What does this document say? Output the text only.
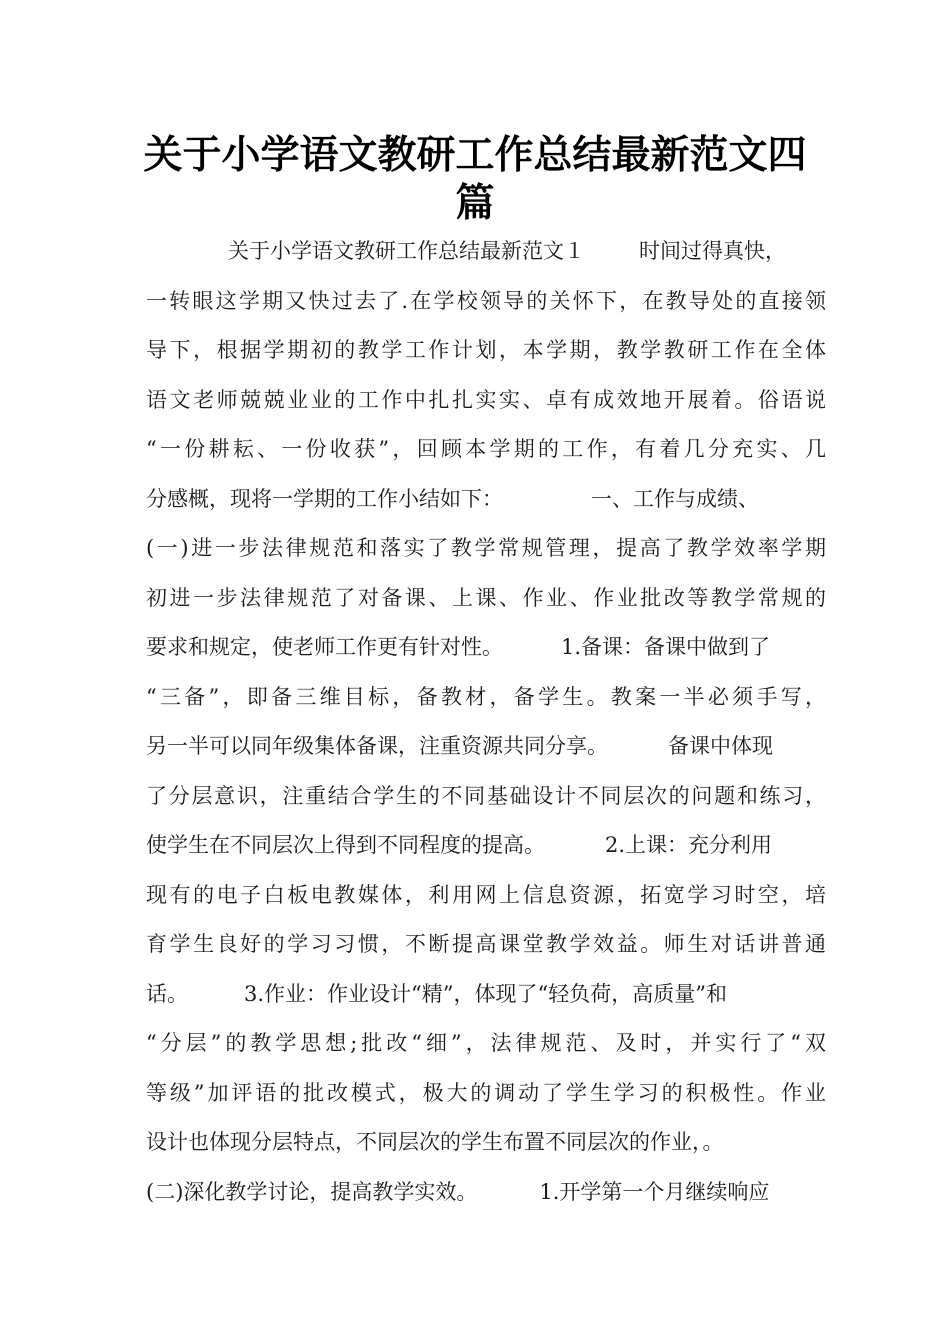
关于小学语文教研工作总结最新范文四
篇
关于小学语文教研工作总结最新范文１	时间过得真快，
一转眼这学期又快过去了.在学校领导的关怀下，在教导处的直接领
导下，根据学期初的教学工作计划，本学期，教学教研工作在全体
语文老师兢兢业业的工作中扎扎实实、卓有成效地开展着。俗语说
“一份耕耘、一份收获”，回顾本学期的工作，有着几分充实、几
分感概，现将一学期的工作小结如下：	一、工作与成绩、
(一)进一步法律规范和落实了教学常规管理，提高了教学效率学期
初进一步法律规范了对备课、上课、作业、作业批改等教学常规的
要求和规定，使老师工作更有针对性。	1.备课：备课中做到了
“三备”，即备三维目标，备教材，备学生。教案一半必须手写，
另一半可以同年级集体备课，注重资源共同分享。	备课中体现
了分层意识，注重结合学生的不同基础设计不同层次的问题和练习，
使学生在不同层次上得到不同程度的提高。	2.上课：充分利用
现有的电子白板电教媒体，利用网上信息资源，拓宽学习时空，培
育学生良好的学习习惯，不断提高课堂教学效益。师生对话讲普通
话。	3.作业：作业设计“精”，体现了“轻负荷，高质量”和
“分层”的教学思想;批改“细”，法律规范、及时，并实行了“双
等级”加评语的批改模式，极大的调动了学生学习的积极性。作业
设计也体现分层特点，不同层次的学生布置不同层次的作业，。
(二)深化教学讨论，提高教学实效。	1.开学第一个月继续响应
